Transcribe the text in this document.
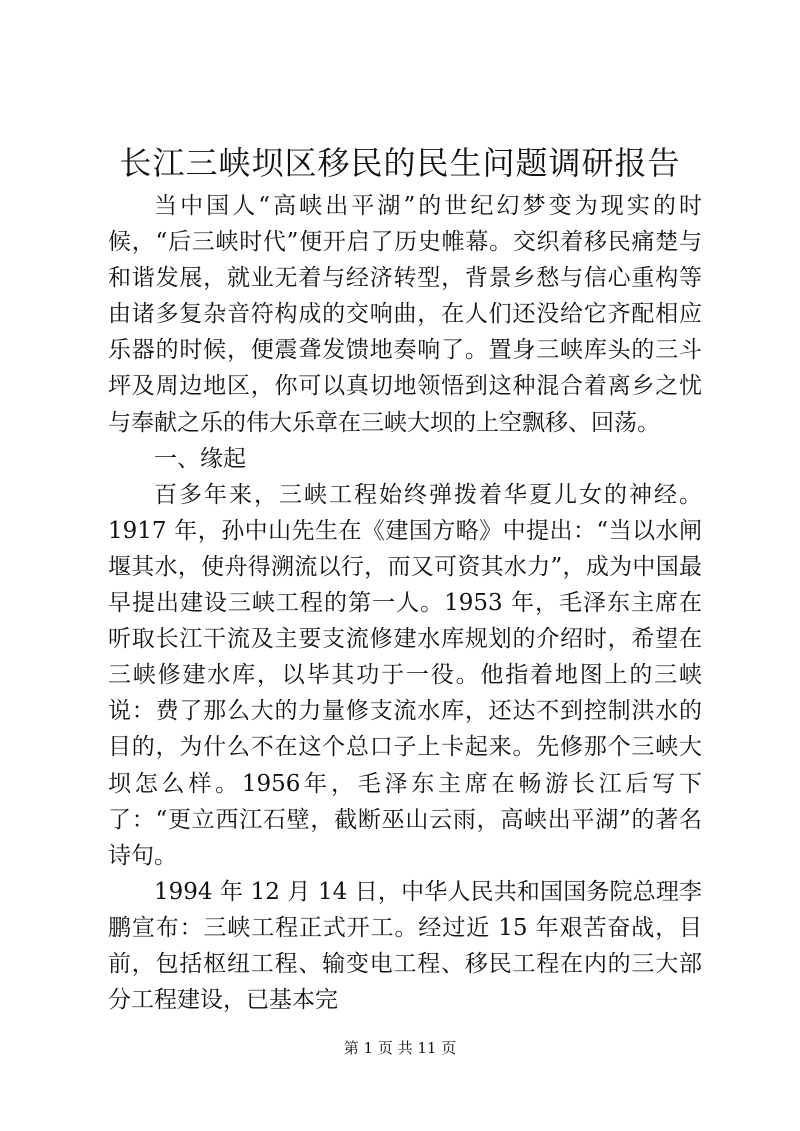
长江三峡坝区移民的民生问题调研报告

当中国人“高峡出平湖”的世纪幻梦变为现实的时候，“后三峡时代”便开启了历史帷幕。交织着移民痛楚与和谐发展，就业无着与经济转型，背景乡愁与信心重构等由诸多复杂音符构成的交响曲，在人们还没给它齐配相应乐器的时候，便震聋发馈地奏响了。置身三峡库头的三斗坪及周边地区，你可以真切地领悟到这种混合着离乡之忧与奉献之乐的伟大乐章在三峡大坝的上空飘移、回荡。

一、缘起

百多年来，三峡工程始终弹拨着华夏儿女的神经。1917 年，孙中山先生在《建国方略》中提出：“当以水闸堰其水，使舟得溯流以行，而又可资其水力”，成为中国最早提出建设三峡工程的第一人。1953 年，毛泽东主席在听取长江干流及主要支流修建水库规划的介绍时，希望在三峡修建水库，以毕其功于一役。他指着地图上的三峡说：费了那么大的力量修支流水库，还达不到控制洪水的目的，为什么不在这个总口子上卡起来。先修那个三峡大坝怎么样。1956年，毛泽东主席在畅游长江后写下了：“更立西江石壁，截断巫山云雨，高峡出平湖”的著名诗句。

1994 年 12 月 14 日，中华人民共和国国务院总理李鹏宣布：三峡工程正式开工。经过近 15 年艰苦奋战，目前，包括枢纽工程、输变电工程、移民工程在内的三大部分工程建设，已基本完

第 1 页 共 11 页
